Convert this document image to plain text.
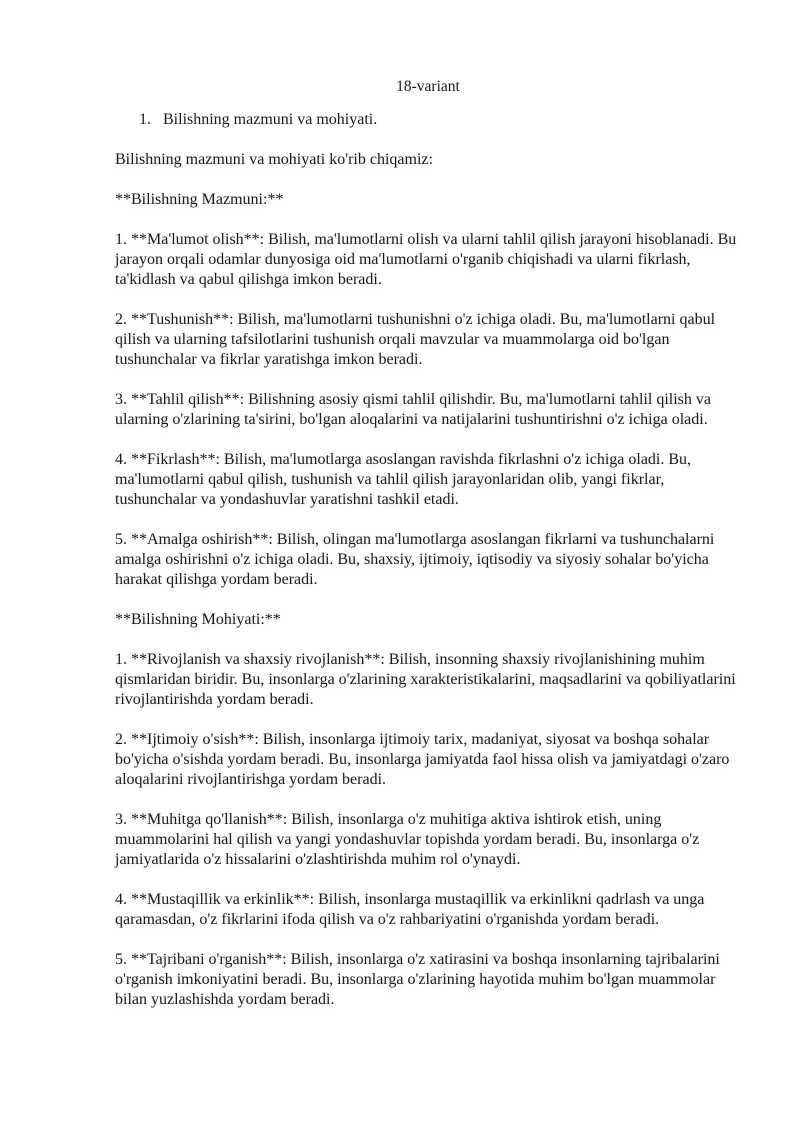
18-variant
1. Bilishning mazmuni va mohiyati.

Bilishning mazmuni va mohiyati ko'rib chiqamiz:

**Bilishning Mazmuni:**

1. **Ma'lumot olish**: Bilish, ma'lumotlarni olish va ularni tahlil qilish jarayoni hisoblanadi. Bu jarayon orqali odamlar dunyosiga oid ma'lumotlarni o'rganib chiqishadi va ularni fikrlash, ta'kidlash va qabul qilishga imkon beradi.

2. **Tushunish**: Bilish, ma'lumotlarni tushunishni o'z ichiga oladi. Bu, ma'lumotlarni qabul qilish va ularning tafsilotlarini tushunish orqali mavzular va muammolarga oid bo'lgan tushunchalar va fikrlar yaratishga imkon beradi.

3. **Tahlil qilish**: Bilishning asosiy qismi tahlil qilishdir. Bu, ma'lumotlarni tahlil qilish va ularning o'zlarining ta'sirini, bo'lgan aloqalarini va natijalarini tushuntirishni o'z ichiga oladi.

4. **Fikrlash**: Bilish, ma'lumotlarga asoslangan ravishda fikrlashni o'z ichiga oladi. Bu, ma'lumotlarni qabul qilish, tushunish va tahlil qilish jarayonlaridan olib, yangi fikrlar, tushunchalar va yondashuvlar yaratishni tashkil etadi.

5. **Amalga oshirish**: Bilish, olingan ma'lumotlarga asoslangan fikrlarni va tushunchalarni amalga oshirishni o'z ichiga oladi. Bu, shaxsiy, ijtimoiy, iqtisodiy va siyosiy sohalar bo'yicha harakat qilishga yordam beradi.

**Bilishning Mohiyati:**

1. **Rivojlanish va shaxsiy rivojlanish**: Bilish, insonning shaxsiy rivojlanishining muhim qismlaridan biridir. Bu, insonlarga o'zlarining xarakteristikalarini, maqsadlarini va qobiliyatlarini rivojlantirishda yordam beradi.

2. **Ijtimoiy o'sish**: Bilish, insonlarga ijtimoiy tarix, madaniyat, siyosat va boshqa sohalar bo'yicha o'sishda yordam beradi. Bu, insonlarga jamiyatda faol hissa olish va jamiyatdagi o'zaro aloqalarini rivojlantirishga yordam beradi.

3. **Muhitga qo'llanish**: Bilish, insonlarga o'z muhitiga aktiva ishtirok etish, uning muammolarini hal qilish va yangi yondashuvlar topishda yordam beradi. Bu, insonlarga o'z jamiyatlarida o'z hissalarini o'zlashtirishda muhim rol o'ynaydi.

4. **Mustaqillik va erkinlik**: Bilish, insonlarga mustaqillik va erkinlikni qadrlash va unga qaramasdan, o'z fikrlarini ifoda qilish va o'z rahbariyatini o'rganishda yordam beradi.

5. **Tajribani o'rganish**: Bilish, insonlarga o'z xatirasini va boshqa insonlarning tajribalarini o'rganish imkoniyatini beradi. Bu, insonlarga o'zlarining hayotida muhim bo'lgan muammolar bilan yuzlashishda yordam beradi.
